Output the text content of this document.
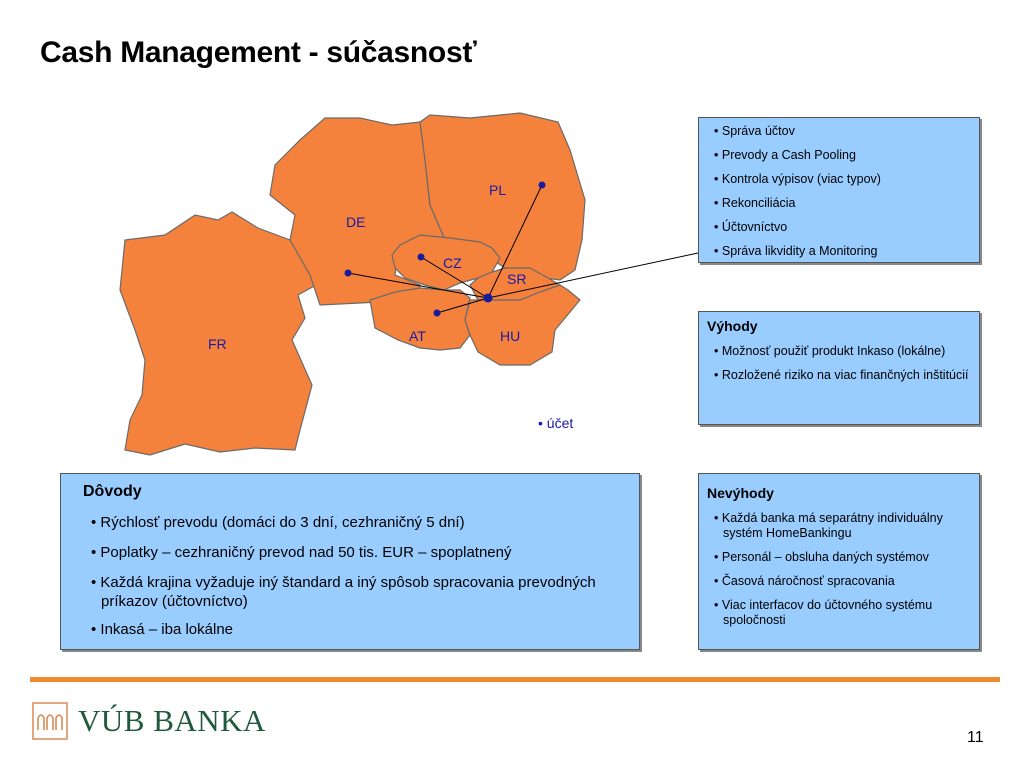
Cash Management - súčasnosť
FR
DE
PL
CZ
SR
AT	HU
• účet
• Správa účtov
• Prevody a Cash Pooling
• Kontrola výpisov (viac typov)
• Rekonciliácia
• Účtovníctvo
• Správa likvidity a Monitoring
Výhody
• Možnosť použiť produkt Inkaso (lokálne)
• Rozložené riziko na viac finančných inštitúcií
Nevýhody
• Každá banka má separátny individuálny systém HomeBankingu
• Personál – obsluha daných systémov
• Časová náročnosť spracovania
• Viac interfacov do účtovného systému spoločnosti
Dôvody
• Rýchlosť prevodu (domáci do 3 dní, cezhraničný 5 dní)
• Poplatky – cezhraničný prevod nad 50 tis. EUR – spoplatnený
• Každá krajina vyžaduje iný štandard a iný spôsob spracovania prevodných príkazov (účtovníctvo)
• Inkasá – iba lokálne
VÚB BANKA	11
